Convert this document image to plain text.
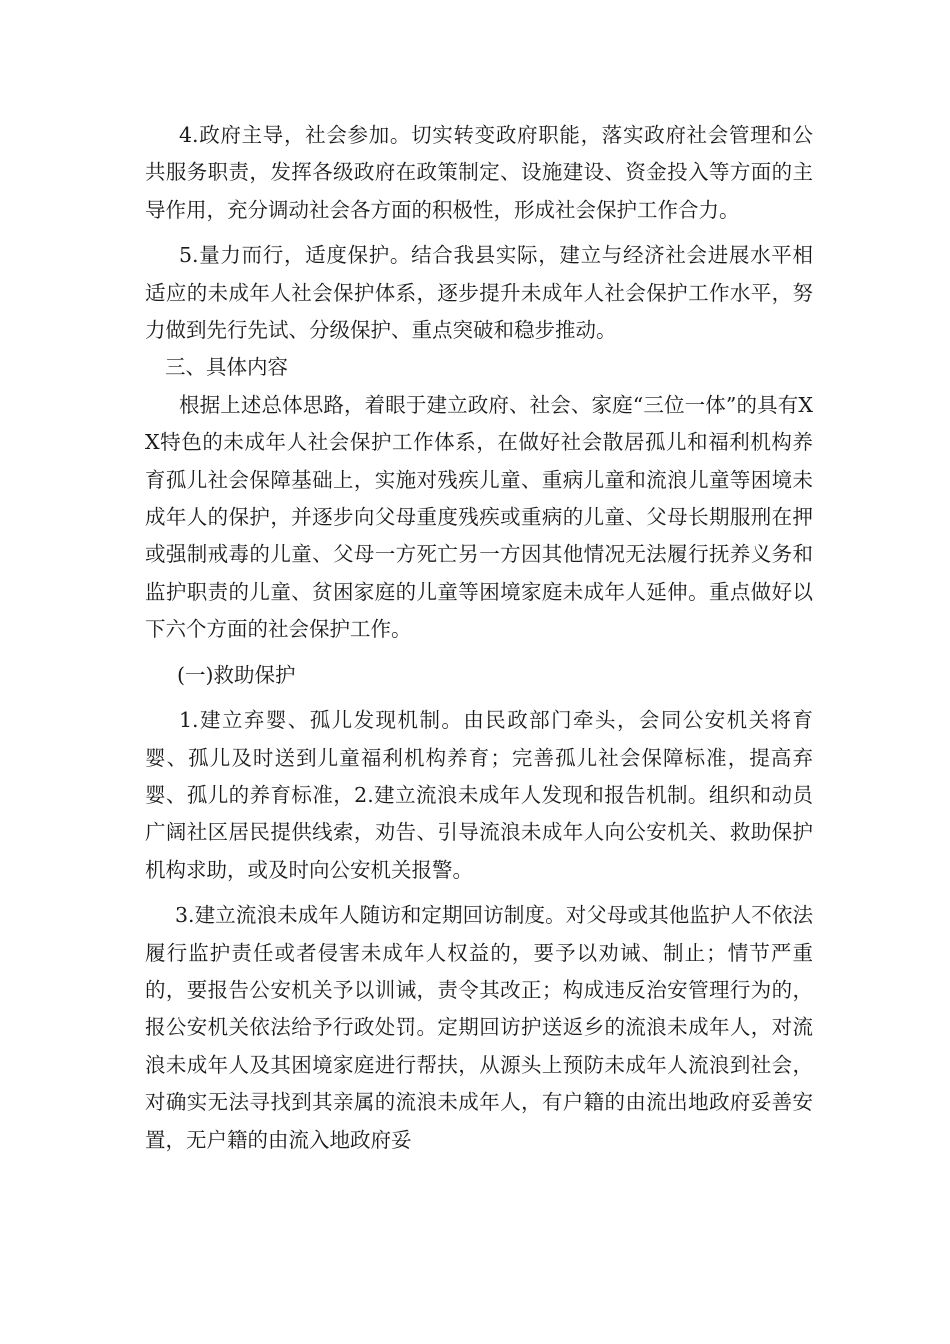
4.政府主导，社会参加。切实转变政府职能，落实政府社会管理和公共服务职责，发挥各级政府在政策制定、设施建设、资金投入等方面的主导作用，充分调动社会各方面的积极性，形成社会保护工作合力。

5.量力而行，适度保护。结合我县实际，建立与经济社会进展水平相适应的未成年人社会保护体系，逐步提升未成年人社会保护工作水平，努力做到先行先试、分级保护、重点突破和稳步推动。

三、具体内容

根据上述总体思路，着眼于建立政府、社会、家庭“三位一体”的具有XX特色的未成年人社会保护工作体系，在做好社会散居孤儿和福利机构养育孤儿社会保障基础上，实施对残疾儿童、重病儿童和流浪儿童等困境未成年人的保护，并逐步向父母重度残疾或重病的儿童、父母长期服刑在押或强制戒毒的儿童、父母一方死亡另一方因其他情况无法履行抚养义务和监护职责的儿童、贫困家庭的儿童等困境家庭未成年人延伸。重点做好以下六个方面的社会保护工作。

(一)救助保护

1.建立弃婴、孤儿发现机制。由民政部门牵头，会同公安机关将育婴、孤儿及时送到儿童福利机构养育；完善孤儿社会保障标准，提高弃婴、孤儿的养育标准，2.建立流浪未成年人发现和报告机制。组织和动员广阔社区居民提供线索，劝告、引导流浪未成年人向公安机关、救助保护机构求助，或及时向公安机关报警。

3.建立流浪未成年人随访和定期回访制度。对父母或其他监护人不依法履行监护责任或者侵害未成年人权益的，要予以劝诫、制止；情节严重的，要报告公安机关予以训诫，责令其改正；构成违反治安管理行为的，报公安机关依法给予行政处罚。定期回访护送返乡的流浪未成年人，对流浪未成年人及其困境家庭进行帮扶，从源头上预防未成年人流浪到社会，对确实无法寻找到其亲属的流浪未成年人，有户籍的由流出地政府妥善安置，无户籍的由流入地政府妥
